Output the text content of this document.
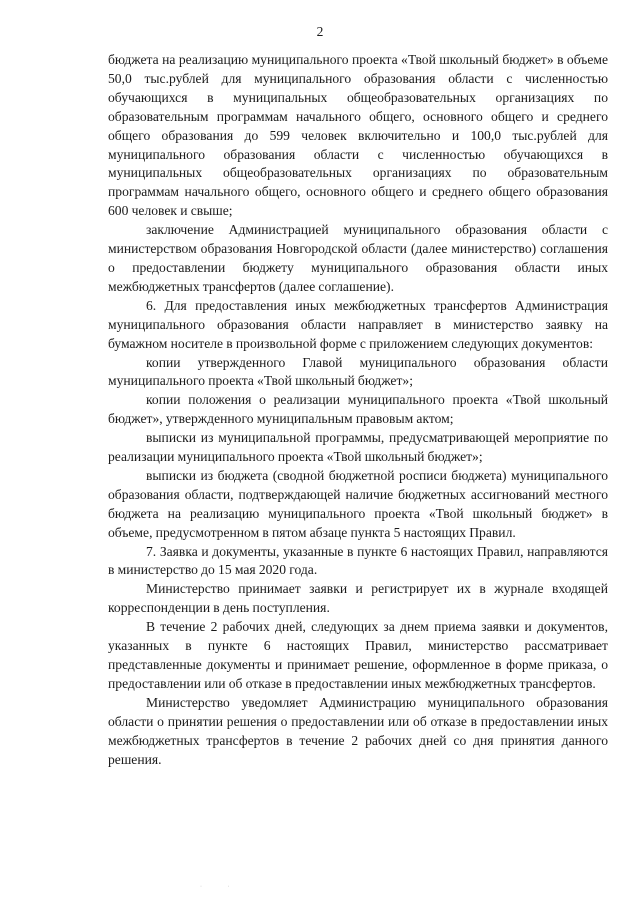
2

бюджета на реализацию муниципального проекта «Твой школьный бюджет» в объеме 50,0 тыс.рублей для муниципального образования области с численностью обучающихся в муниципальных общеобразовательных организациях по образовательным программам начального общего, основного общего и среднего общего образования до 599 человек включительно и 100,0 тыс.рублей для муниципального образования области с численностью обучающихся в муниципальных общеобразовательных организациях по образовательным программам начального общего, основного общего и среднего общего образования 600 человек и свыше;

заключение Администрацией муниципального образования области с министерством образования Новгородской области (далее министерство) соглашения о предоставлении бюджету муниципального образования области иных межбюджетных трансфертов (далее соглашение).

6. Для предоставления иных межбюджетных трансфертов Администрация муниципального образования области направляет в министерство заявку на бумажном носителе в произвольной форме с приложением следующих документов:

копии утвержденного Главой муниципального образования области муниципального проекта «Твой школьный бюджет»;

копии положения о реализации муниципального проекта «Твой школьный бюджет», утвержденного муниципальным правовым актом;

выписки из муниципальной программы, предусматривающей мероприятие по реализации муниципального проекта «Твой школьный бюджет»;

выписки из бюджета (сводной бюджетной росписи бюджета) муниципального образования области, подтверждающей наличие бюджетных ассигнований местного бюджета на реализацию муниципального проекта «Твой школьный бюджет» в объеме, предусмотренном в пятом абзаце пункта 5 настоящих Правил.

7. Заявка и документы, указанные в пункте 6 настоящих Правил, направляются в министерство до 15 мая 2020 года.

Министерство принимает заявки и регистрирует их в журнале входящей корреспонденции в день поступления.

В течение 2 рабочих дней, следующих за днем приема заявки и документов, указанных в пункте 6 настоящих Правил, министерство рассматривает представленные документы и принимает решение, оформленное в форме приказа, о предоставлении или об отказе в предоставлении иных межбюджетных трансфертов.

Министерство уведомляет Администрацию муниципального образования области о принятии решения о предоставлении или об отказе в предоставлении иных межбюджетных трансфертов в течение 2 рабочих дней со дня принятия данного решения.

· ·
